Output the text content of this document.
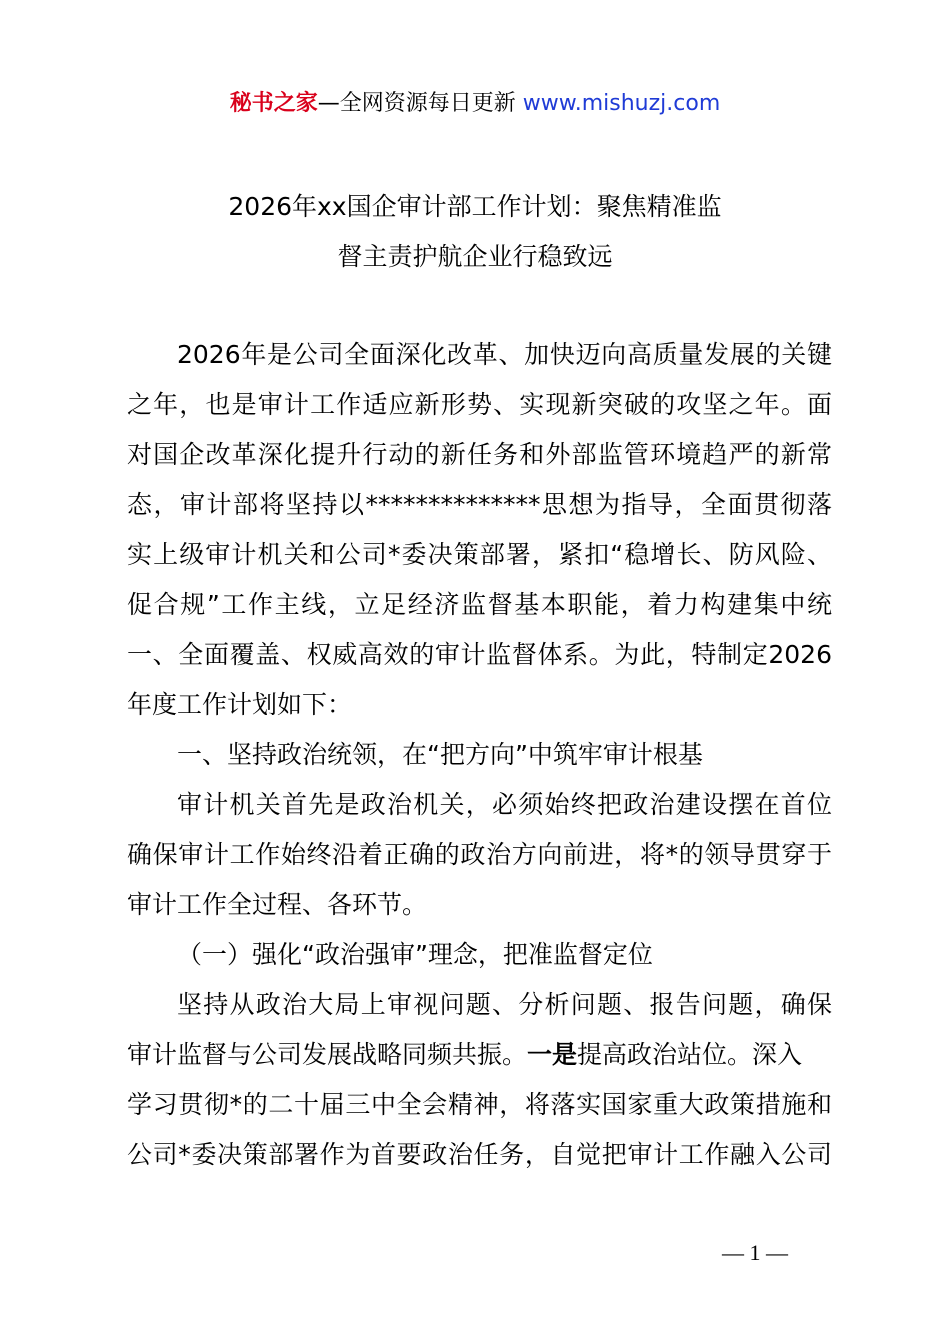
秘书之家—全网资源每日更新 www.mishuzj.com
2026年xx国企审计部工作计划：聚焦精准监
督主责护航企业行稳致远
2026年是公司全面深化改革、加快迈向高质量发展的关键
之年，也是审计工作适应新形势、实现新突破的攻坚之年。面
对国企改革深化提升行动的新任务和外部监管环境趋严的新常
态，审计部将坚持以**************思想为指导，全面贯彻落
实上级审计机关和公司*委决策部署，紧扣“稳增长、防风险、
促合规”工作主线，立足经济监督基本职能，着力构建集中统
一、全面覆盖、权威高效的审计监督体系。为此，特制定2026
年度工作计划如下：
一、坚持政治统领，在“把方向”中筑牢审计根基
审计机关首先是政治机关，必须始终把政治建设摆在首位
确保审计工作始终沿着正确的政治方向前进，将*的领导贯穿于
审计工作全过程、各环节。
（一）强化“政治强审”理念，把准监督定位
坚持从政治大局上审视问题、分析问题、报告问题，确保
审计监督与公司发展战略同频共振。一是提高政治站位。深入
学习贯彻*的二十届三中全会精神，将落实国家重大政策措施和
公司*委决策部署作为首要政治任务，自觉把审计工作融入公司
— 1 —
